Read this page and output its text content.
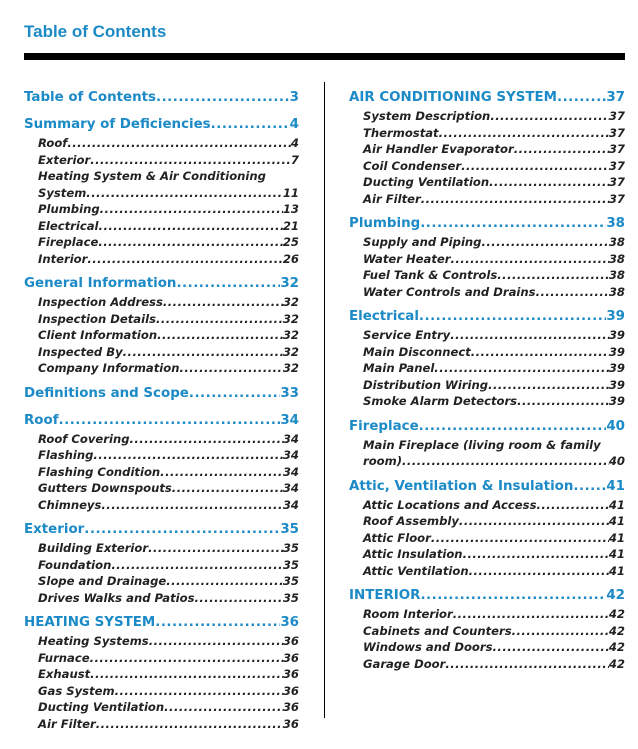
Table of Contents
Table of Contents .....	3
Summary of Deficiencies .....	4
Roof .....	4
Exterior .....	7
Heating System & Air Conditioning
System .....	11
Plumbing .....	13
Electrical .....	21
Fireplace .....	25
Interior .....	26
General Information .....	32
Inspection Address .....	32
Inspection Details .....	32
Client Information .....	32
Inspected By .....	32
Company Information .....	32
Definitions and Scope .....	33
Roof .....	34
Roof Covering .....	34
Flashing .....	34
Flashing Condition .....	34
Gutters Downspouts .....	34
Chimneys .....	34
Exterior .....	35
Building Exterior .....	35
Foundation .....	35
Slope and Drainage .....	35
Drives Walks and Patios .....	35
HEATING SYSTEM .....	36
Heating Systems .....	36
Furnace .....	36
Exhaust .....	36
Gas System .....	36
Ducting Ventilation .....	36
Air Filter .....	36
AIR CONDITIONING SYSTEM .....	37
System Description .....	37
Thermostat .....	37
Air Handler Evaporator .....	37
Coil Condenser .....	37
Ducting Ventilation .....	37
Air Filter .....	37
Plumbing .....	38
Supply and Piping .....	38
Water Heater .....	38
Fuel Tank & Controls .....	38
Water Controls and Drains .....	38
Electrical .....	39
Service Entry .....	39
Main Disconnect .....	39
Main Panel .....	39
Distribution Wiring .....	39
Smoke Alarm Detectors .....	39
Fireplace .....	40
Main Fireplace (living room & family
room) .....	40
Attic, Ventilation & Insulation ..... 41
Attic Locations and Access .....	41
Roof Assembly .....	41
Attic Floor .....	41
Attic Insulation .....	41
Attic Ventilation .....	41
INTERIOR .....	42
Room Interior .....	42
Cabinets and Counters .....	42
Windows and Doors .....	42
Garage Door .....	42
